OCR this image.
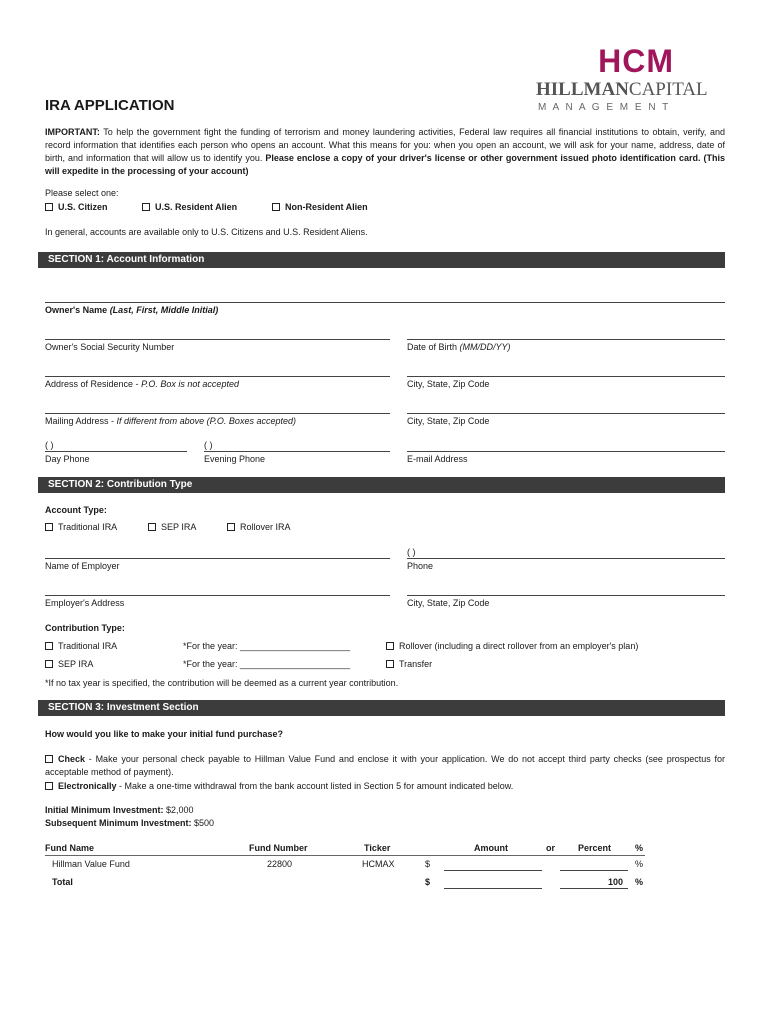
HCM
HILLMANCAPITAL
M A N A G E M E N T
IRA APPLICATION
IMPORTANT: To help the government fight the funding of terrorism and money laundering activities, Federal law requires all financial institutions to obtain, verify, and record information that identifies each person who opens an account. What this means for you: when you open an account, we will ask for your name, address, date of birth, and information that will allow us to identify you. Please enclose a copy of your driver's license or other government issued photo identification card. (This will expedite in the processing of your account)
Please select one:
U.S. Citizen	U.S. Resident Alien	Non-Resident Alien
In general, accounts are available only to U.S. Citizens and U.S. Resident Aliens.
SECTION 1: Account Information
Owner's Name (Last, First, Middle Initial)
Owner's Social Security Number	Date of Birth (MM/DD/YY)
Address of Residence - P.O. Box is not accepted	City, State, Zip Code
Mailing Address - If different from above (P.O. Boxes accepted)	City, State, Zip Code
( )	( )
Day Phone	Evening Phone	E-mail Address
SECTION 2: Contribution Type
Account Type:
Traditional IRA	SEP IRA	Rollover IRA
( )
Name of Employer	Phone
Employer's Address	City, State, Zip Code
Contribution Type:
Traditional IRA	*For the year: ______________________	Rollover (including a direct rollover from an employer's plan)
SEP IRA	*For the year: ______________________	Transfer
*If no tax year is specified, the contribution will be deemed as a current year contribution.
SECTION 3: Investment Section
How would you like to make your initial fund purchase?
Check - Make your personal check payable to Hillman Value Fund and enclose it with your application. We do not accept third party checks (see prospectus for acceptable method of payment).
Electronically - Make a one-time withdrawal from the bank account listed in Section 5 for amount indicated below.
Initial Minimum Investment: $2,000
Subsequent Minimum Investment: $500
Fund Name	Fund Number	Ticker	Amount	or	Percent	%
Hillman Value Fund	22800	HCMAX	$	%
Total	$	100 %
